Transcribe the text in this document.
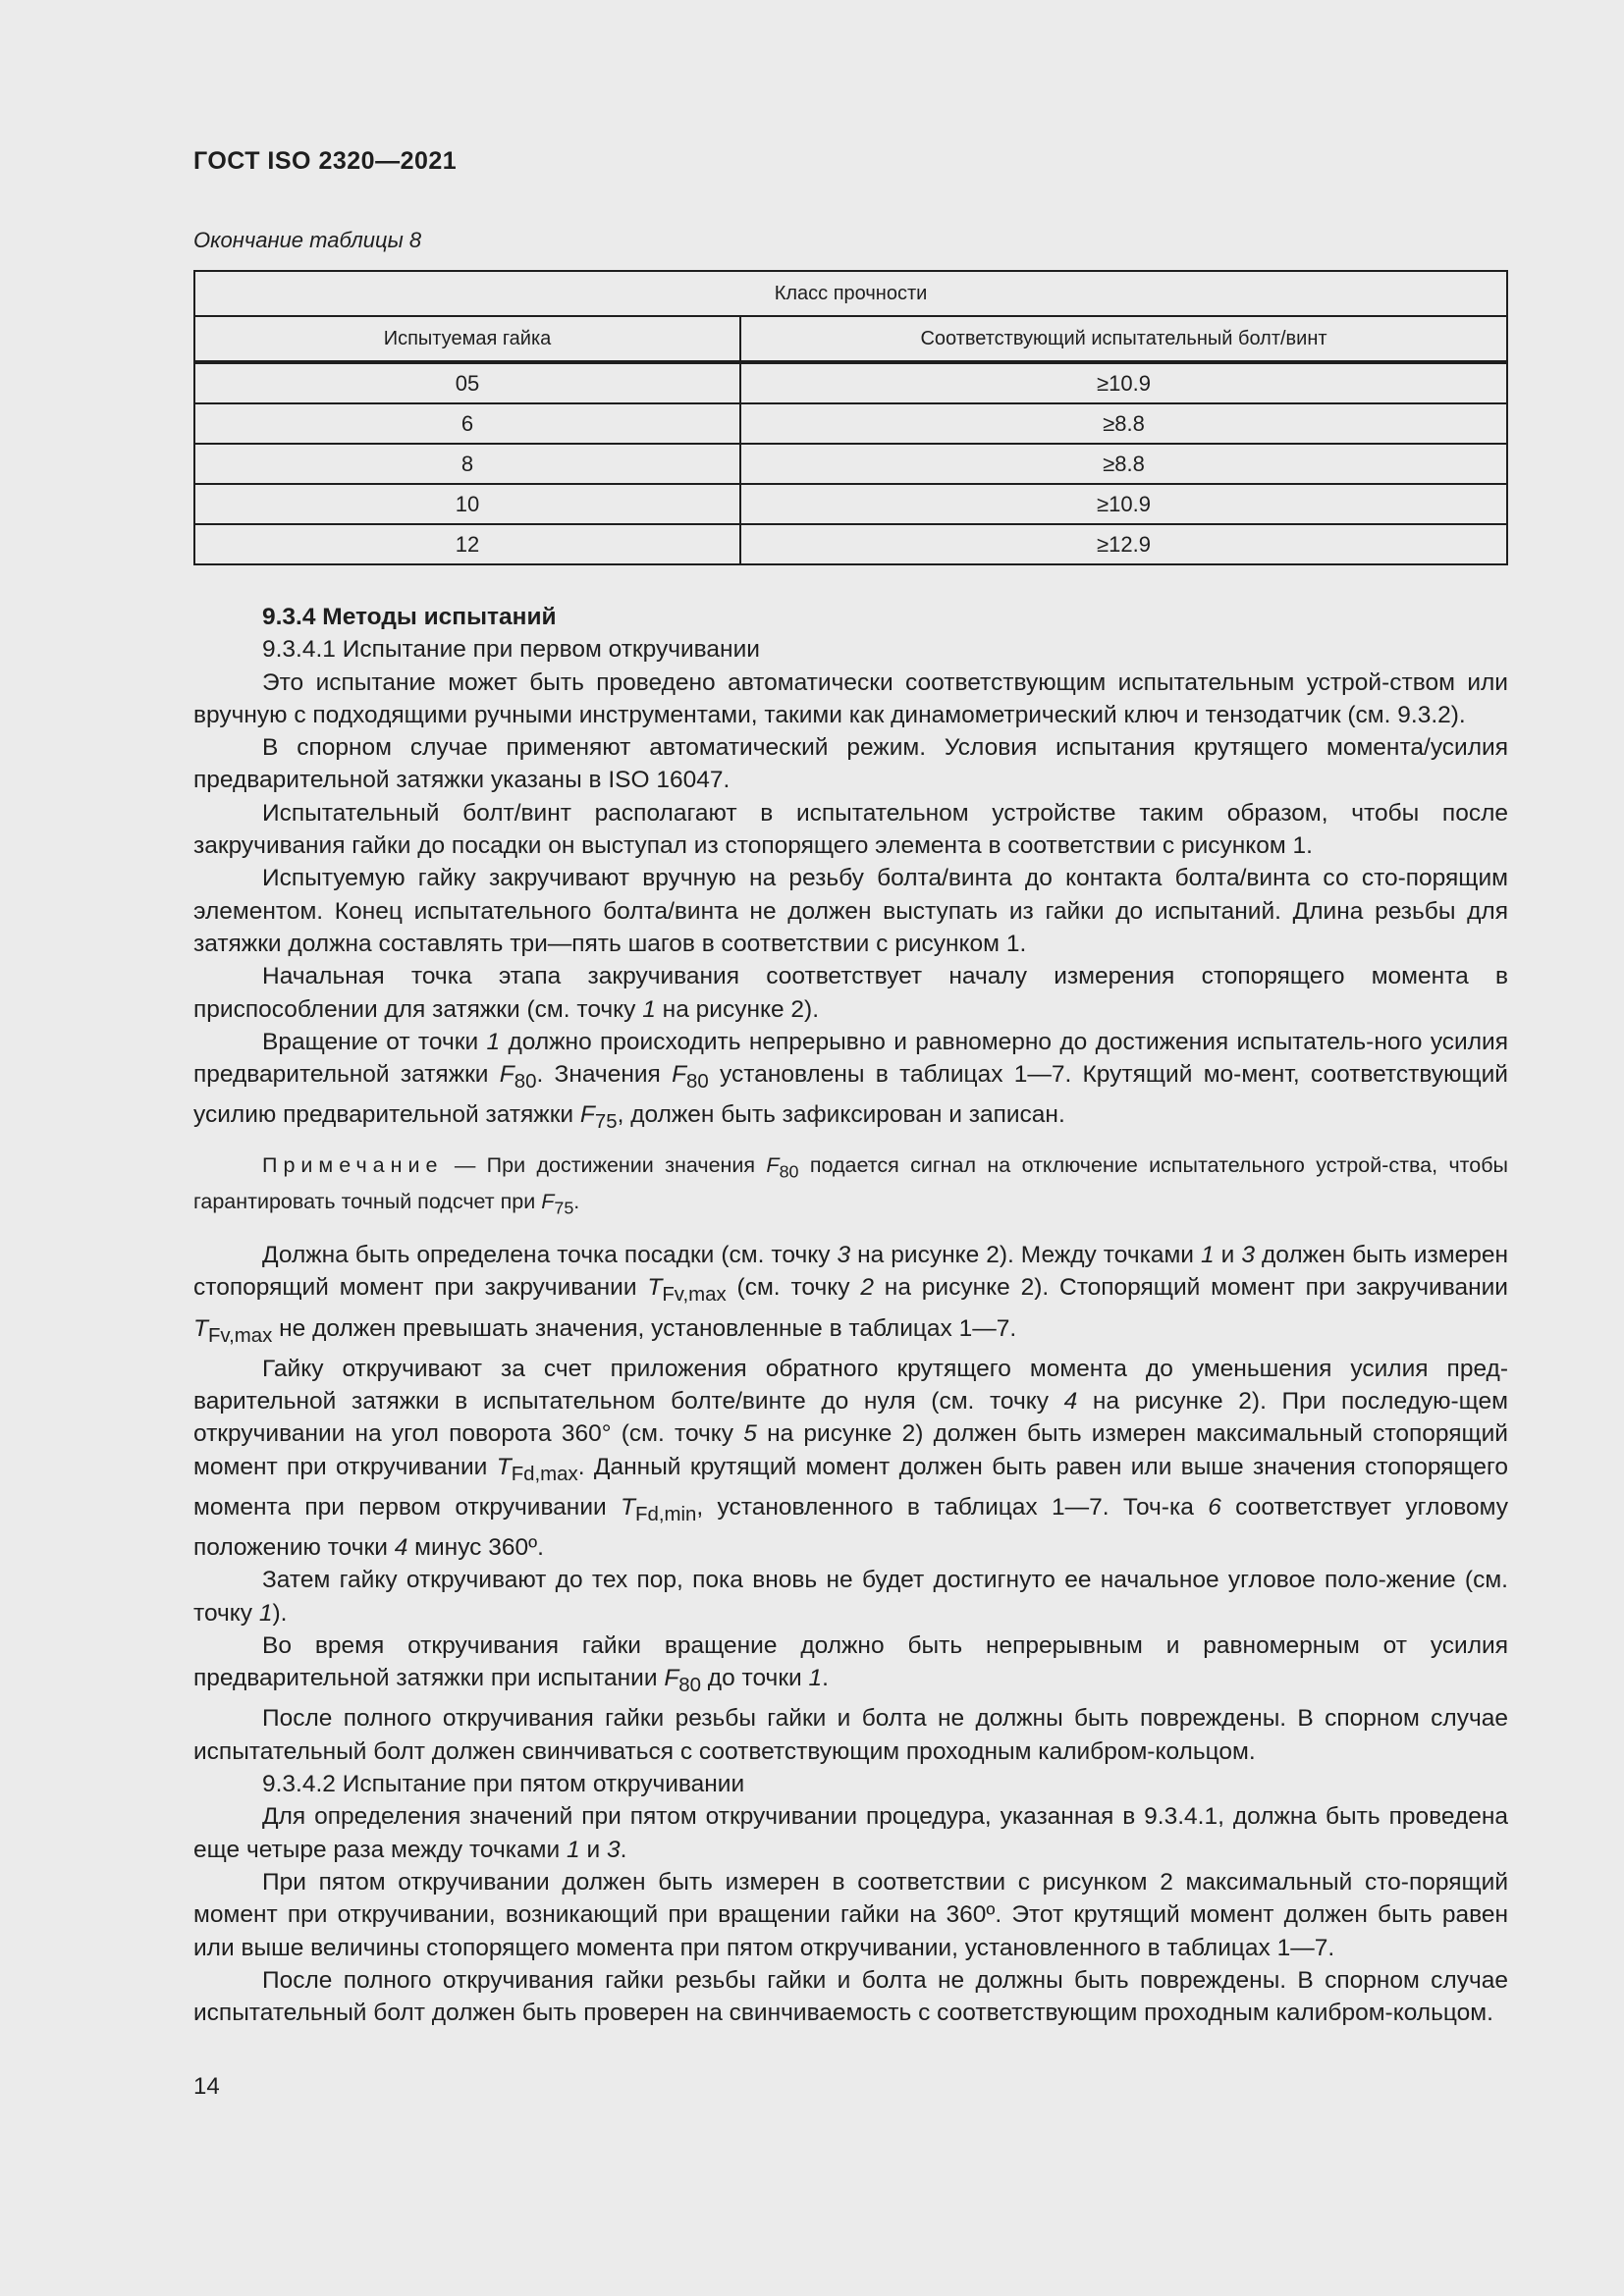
ГОСТ ISO 2320—2021
Окончание таблицы 8
Класс прочности	
Испытуемая гайка	Соответствующий испытательный болт/винт
05	≥10.9
6	≥8.8
8	≥8.8
10	≥10.9
12	≥12.9

9.3.4 Методы испытаний

9.3.4.1 Испытание при первом откручивании

Это испытание может быть проведено автоматически соответствующим испытательным устрой-ством или вручную с подходящими ручными инструментами, такими как динамометрический ключ и тензодатчик (см. 9.3.2).

В спорном случае применяют автоматический режим. Условия испытания крутящего момента/усилия предварительной затяжки указаны в ISO 16047.

Испытательный болт/винт располагают в испытательном устройстве таким образом, чтобы после закручивания гайки до посадки он выступал из стопорящего элемента в соответствии с рисунком 1.

Испытуемую гайку закручивают вручную на резьбу болта/винта до контакта болта/винта со сто-порящим элементом. Конец испытательного болта/винта не должен выступать из гайки до испытаний. Длина резьбы для затяжки должна составлять три—пять шагов в соответствии с рисунком 1.

Начальная точка этапа закручивания соответствует началу измерения стопорящего момента в приспособлении для затяжки (см. точку 1 на рисунке 2).

Вращение от точки 1 должно происходить непрерывно и равномерно до достижения испытатель-ного усилия предварительной затяжки $F_{80}$. Значения $F_{80}$ установлены в таблицах 1—7. Крутящий мо-мент, соответствующий усилию предварительной затяжки $F_{75}$, должен быть зафиксирован и записан.

Примечание — При достижении значения $F_{80}$ подается сигнал на отключение испытательного устрой-ства, чтобы гарантировать точный подсчет при $F_{75}$.

Должна быть определена точка посадки (см. точку 3 на рисунке 2). Между точками 1 и 3 должен быть измерен стопорящий момент при закручивании $T_{Fv,max}$ (см. точку 2 на рисунке 2). Стопорящий момент при закручивании $T_{Fv,max}$ не должен превышать значения, установленные в таблицах 1—7.

Гайку откручивают за счет приложения обратного крутящего момента до уменьшения усилия пред-варительной затяжки в испытательном болте/винте до нуля (см. точку 4 на рисунке 2). При последую-щем откручивании на угол поворота 360° (см. точку 5 на рисунке 2) должен быть измерен максимальный стопорящий момент при откручивании $T_{Fd,max}$. Данный крутящий момент должен быть равен или выше значения стопорящего момента при первом откручивании $T_{Fd,min}$, установленного в таблицах 1—7. Точ-ка 6 соответствует угловому положению точки 4 минус 360º.

Затем гайку откручивают до тех пор, пока вновь не будет достигнуто ее начальное угловое поло-жение (см. точку 1).

Во время откручивания гайки вращение должно быть непрерывным и равномерным от усилия предварительной затяжки при испытании $F_{80}$ до точки 1.

После полного откручивания гайки резьбы гайки и болта не должны быть повреждены. В спорном случае испытательный болт должен свинчиваться с соответствующим проходным калибром-кольцом.

9.3.4.2 Испытание при пятом откручивании

Для определения значений при пятом откручивании процедура, указанная в 9.3.4.1, должна быть проведена еще четыре раза между точками 1 и 3.

При пятом откручивании должен быть измерен в соответствии с рисунком 2 максимальный сто-порящий момент при откручивании, возникающий при вращении гайки на 360º. Этот крутящий момент должен быть равен или выше величины стопорящего момента при пятом откручивании, установленного в таблицах 1—7.

После полного откручивания гайки резьбы гайки и болта не должны быть повреждены. В спорном случае испытательный болт должен быть проверен на свинчиваемость с соответствующим проходным калибром-кольцом.

14
